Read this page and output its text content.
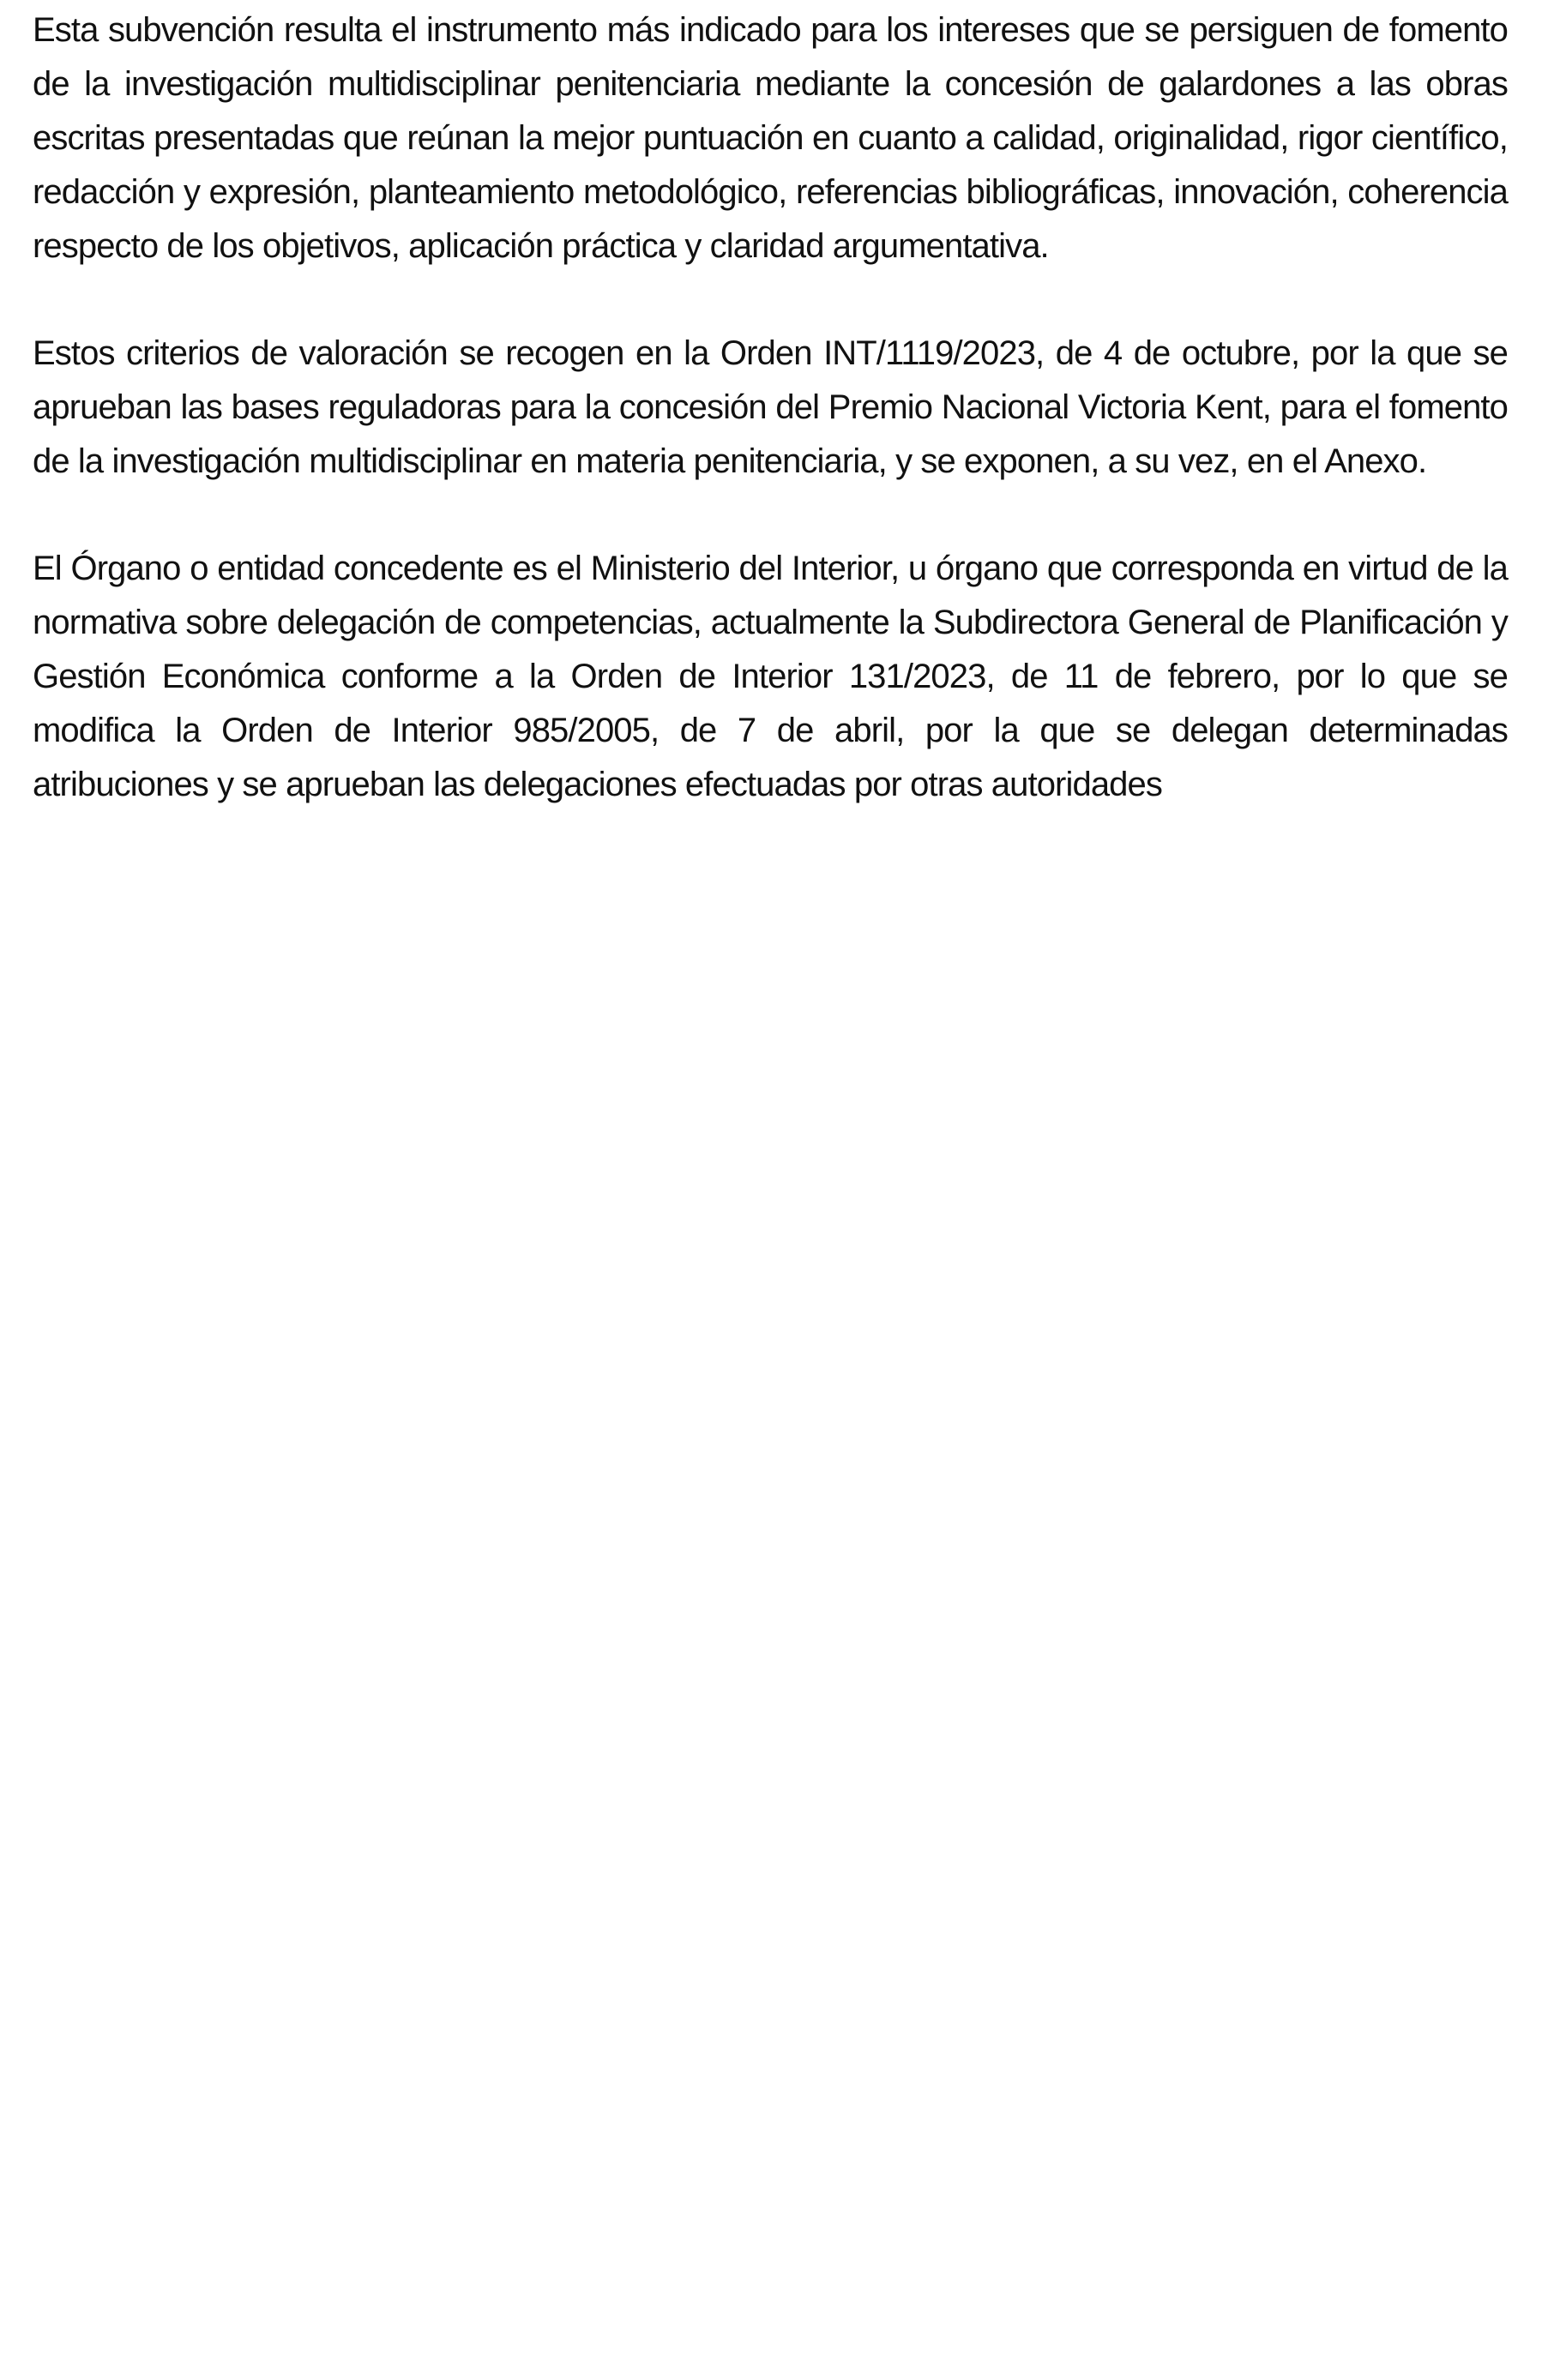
Esta subvención resulta el instrumento más indicado para los intereses que se persiguen de fomento de la investigación multidisciplinar penitenciaria mediante la concesión de galardones a las obras escritas presentadas que reúnan la mejor puntuación en cuanto a calidad, originalidad, rigor científico, redacción y expresión, planteamiento metodológico, referencias bibliográficas, innovación, coherencia respecto de los objetivos, aplicación práctica y claridad argumentativa.

Estos criterios de valoración se recogen en la Orden INT/1119/2023, de 4 de octubre, por la que se aprueban las bases reguladoras para la concesión del Premio Nacional Victoria Kent, para el fomento de la investigación multidisciplinar en materia penitenciaria, y se exponen, a su vez, en el Anexo.

El Órgano o entidad concedente es el Ministerio del Interior, u órgano que corresponda en virtud de la normativa sobre delegación de competencias, actualmente la Subdirectora General de Planificación y Gestión Económica conforme a la Orden de Interior 131/2023, de 11 de febrero, por lo que se modifica la Orden de Interior 985/2005, de 7 de abril, por la que se delegan determinadas atribuciones y se aprueban las delegaciones efectuadas por otras autoridades
